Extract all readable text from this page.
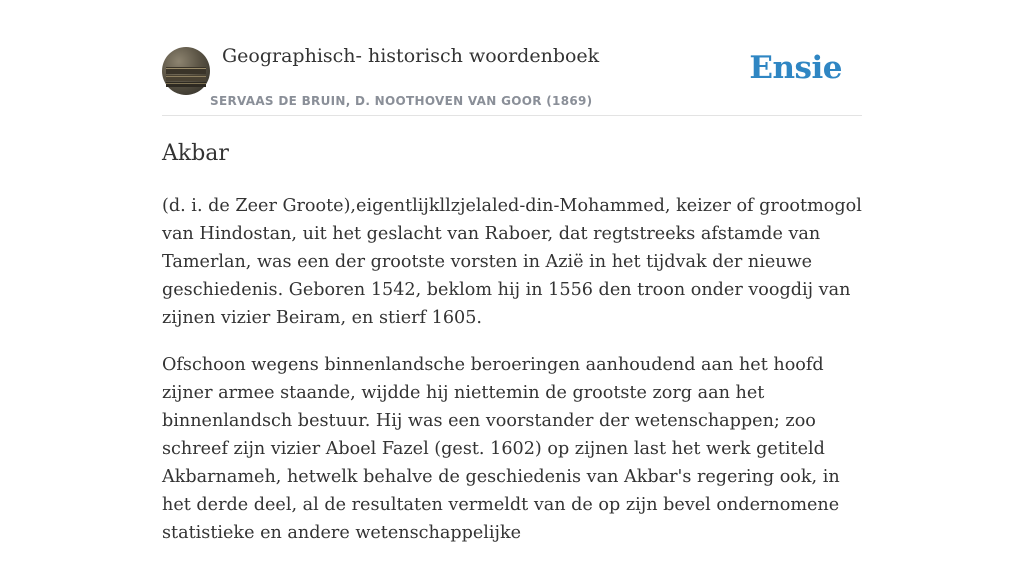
Geographisch- historisch woordenboek
SERVAAS DE BRUIN, D. NOOTHOVEN VAN GOOR (1869)
Ensie
Akbar

(d. i. de Zeer Groote),eigentlijkllzjelaled-din-Mohammed, keizer of grootmogol van Hindostan, uit het geslacht van Raboer, dat regtstreeks afstamde van Tamerlan, was een der grootste vorsten in Azië in het tijdvak der nieuwe geschiedenis. Geboren 1542, beklom hij in 1556 den troon onder voogdij van zijnen vizier Beiram, en stierf 1605.

Ofschoon wegens binnenlandsche beroeringen aanhoudend aan het hoofd zijner armee staande, wijdde hij niettemin de grootste zorg aan het binnenlandsch bestuur. Hij was een voorstander der wetenschappen; zoo schreef zijn vizier Aboel Fazel (gest. 1602) op zijnen last het werk getiteld Akbarnameh, hetwelk behalve de geschiedenis van Akbar's regering ook, in het derde deel, al de resultaten vermeldt van de op zijn bevel ondernomene statistieke en andere wetenschappelijke
